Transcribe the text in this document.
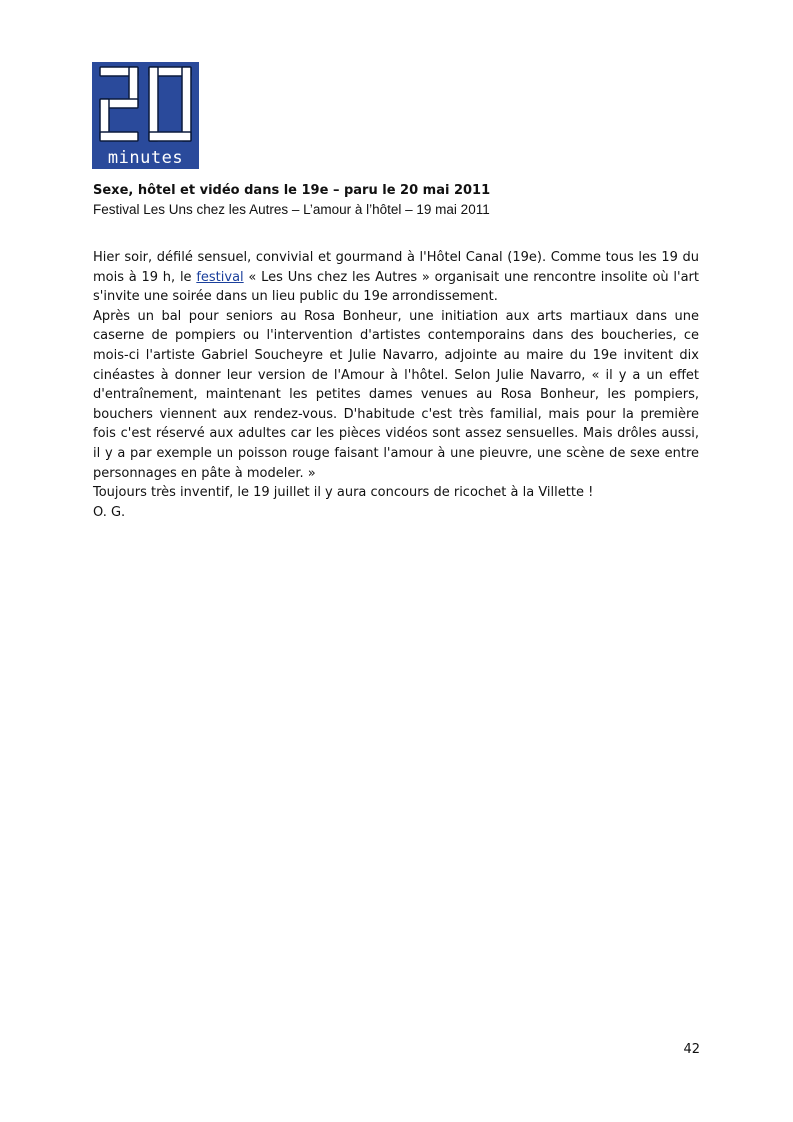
minutes

Sexe, hôtel et vidéo dans le 19e – paru le 20 mai 2011

Festival Les Uns chez les Autres – L’amour à l’hôtel – 19 mai 2011

Hier soir, défilé sensuel, convivial et gourmand à l'Hôtel Canal (19e). Comme tous les 19 du mois à 19 h, le festival « Les Uns chez les Autres » organisait une rencontre insolite où l'art s'invite une soirée dans un lieu public du 19e arrondissement.

Après un bal pour seniors au Rosa Bonheur, une initiation aux arts martiaux dans une caserne de pompiers ou l'intervention d'artistes contemporains dans des boucheries, ce mois-ci l'artiste Gabriel Soucheyre et Julie Navarro, adjointe au maire du 19e invitent dix cinéastes à donner leur version de l'Amour à l'hôtel. Selon Julie Navarro, « il y a un effet d'entraînement, maintenant les petites dames venues au Rosa Bonheur, les pompiers, bouchers viennent aux rendez-vous. D'habitude c'est très familial, mais pour la première fois c'est réservé aux adultes car les pièces vidéos sont assez sensuelles. Mais drôles aussi, il y a par exemple un poisson rouge faisant l'amour à une pieuvre, une scène de sexe entre personnages en pâte à modeler. »

Toujours très inventif, le 19 juillet il y aura concours de ricochet à la Villette !

O. G.

42
